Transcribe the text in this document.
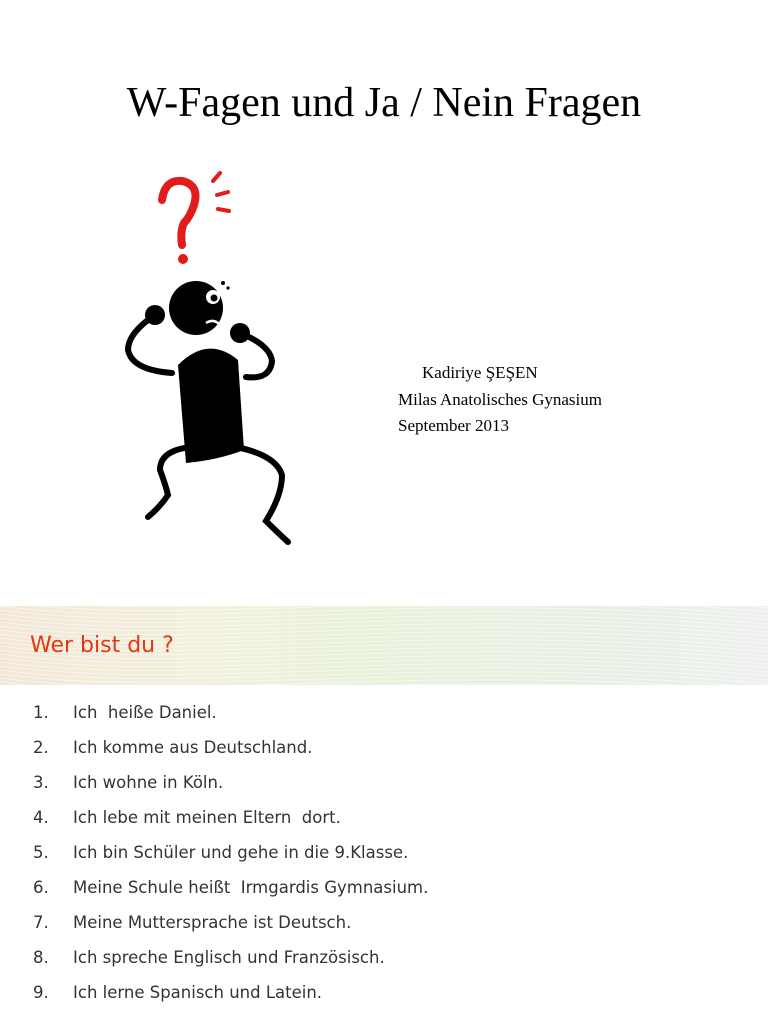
W-Fagen und Ja / Nein Fragen
Kadiriye ŞEŞEN
Milas Anatolisches Gynasium
September 2013
Wer bist du ?
1.	Ich  heiße Daniel.
2.	Ich komme aus Deutschland.
3.	Ich wohne in Köln.
4.	Ich lebe mit meinen Eltern  dort.
5.	Ich bin Schüler und gehe in die 9.Klasse.
6.	Meine Schule heißt  Irmgardis Gymnasium.
7.	Meine Muttersprache ist Deutsch.
8.	Ich spreche Englisch und Französisch.
9.	Ich lerne Spanisch und Latein.
